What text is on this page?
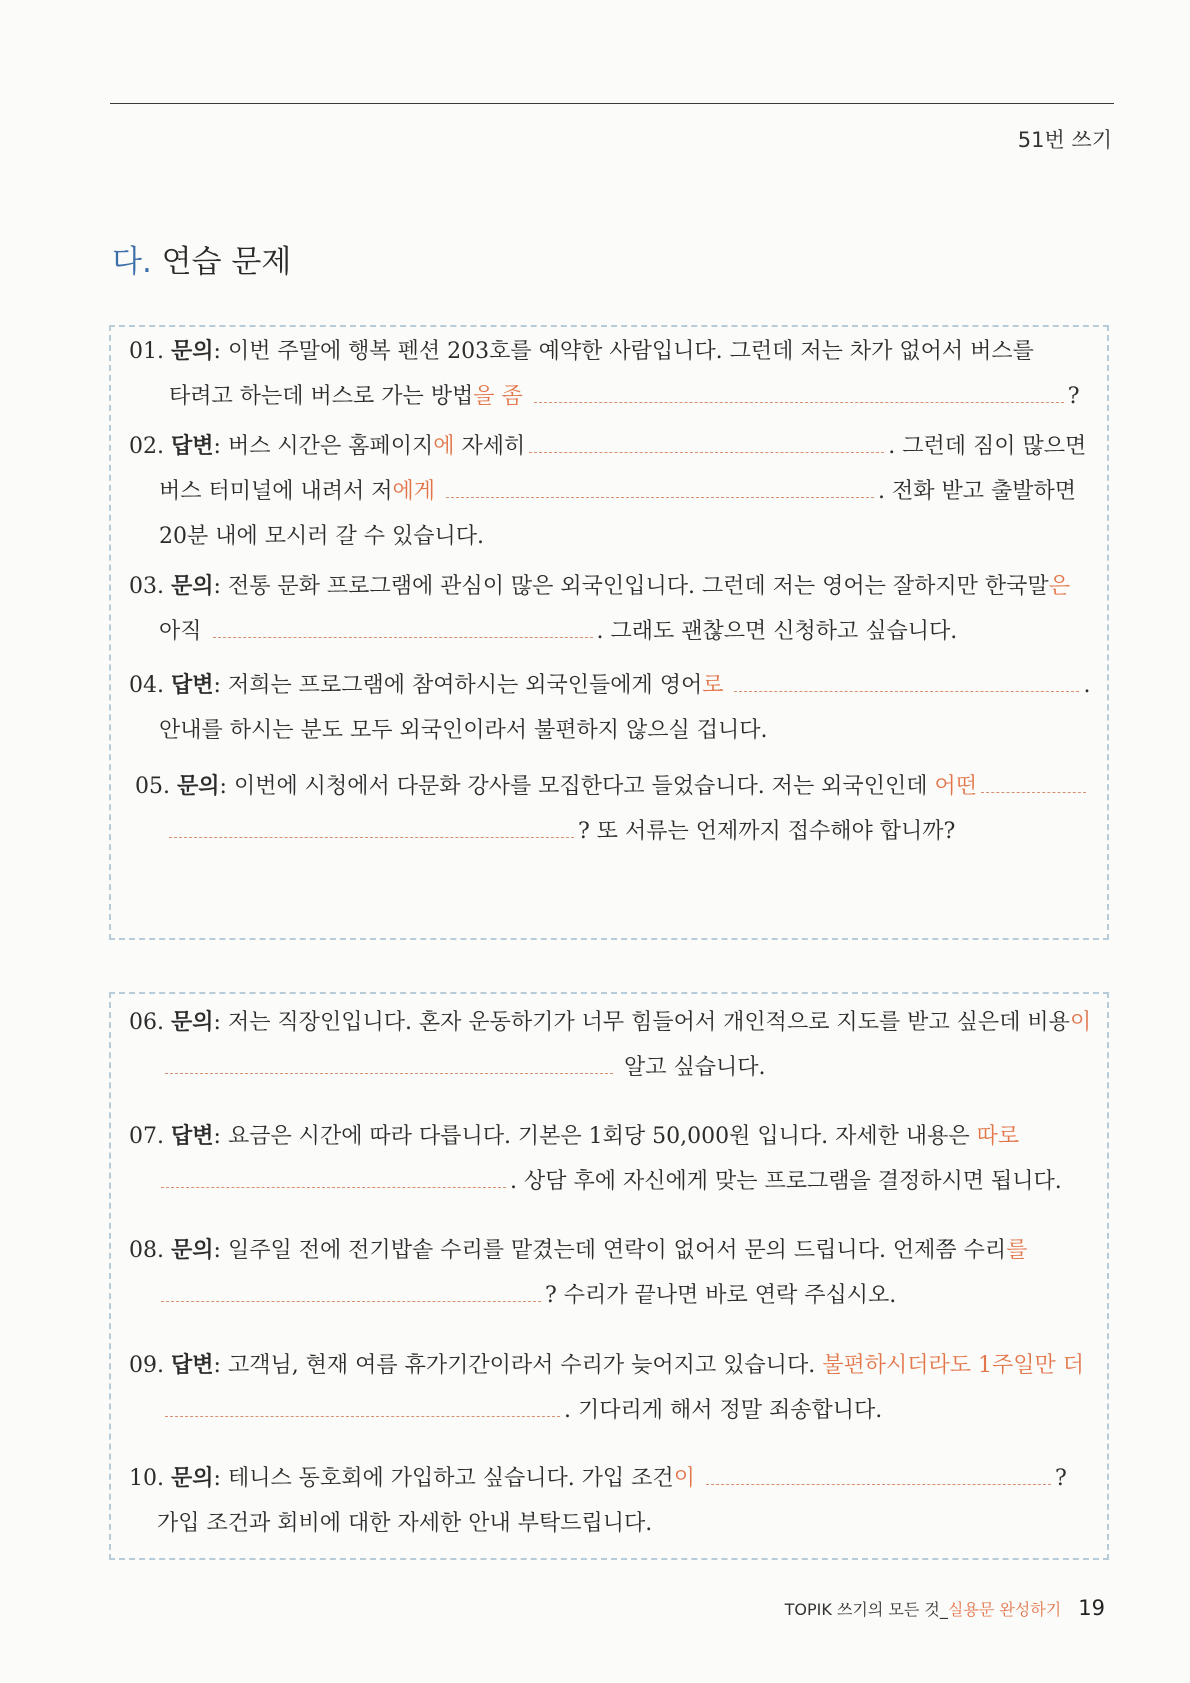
51번 쓰기
다. 연습 문제
01. 문의: 이번 주말에 행복 펜션 203호를 예약한 사람입니다. 그런데 저는 차가 없어서 버스를
타려고 하는데 버스로 가는 방법을 좀	?
02. 답변: 버스 시간은 홈페이지에 자세히	. 그런데 짐이 많으면
버스 터미널에 내려서 저에게	. 전화 받고 출발하면
20분 내에 모시러 갈 수 있습니다.
03. 문의: 전통 문화 프로그램에 관심이 많은 외국인입니다. 그런데 저는 영어는 잘하지만 한국말은
아직	. 그래도 괜찮으면 신청하고 싶습니다.
04. 답변: 저희는 프로그램에 참여하시는 외국인들에게 영어로	.
안내를 하시는 분도 모두 외국인이라서 불편하지 않으실 겁니다.
05. 문의: 이번에 시청에서 다문화 강사를 모집한다고 들었습니다. 저는 외국인인데 어떤
? 또 서류는 언제까지 접수해야 합니까?
06. 문의: 저는 직장인입니다. 혼자 운동하기가 너무 힘들어서 개인적으로 지도를 받고 싶은데 비용이
알고 싶습니다.
07. 답변: 요금은 시간에 따라 다릅니다. 기본은 1회당 50,000원 입니다. 자세한 내용은 따로
. 상담 후에 자신에게 맞는 프로그램을 결정하시면 됩니다.
08. 문의: 일주일 전에 전기밥솥 수리를 맡겼는데 연락이 없어서 문의 드립니다. 언제쯤 수리를
? 수리가 끝나면 바로 연락 주십시오.
09. 답변: 고객님, 현재 여름 휴가기간이라서 수리가 늦어지고 있습니다. 불편하시더라도 1주일만 더
. 기다리게 해서 정말 죄송합니다.
10. 문의: 테니스 동호회에 가입하고 싶습니다. 가입 조건이	?
가입 조건과 회비에 대한 자세한 안내 부탁드립니다.
TOPIK 쓰기의 모든 것_실용문 완성하기 19
